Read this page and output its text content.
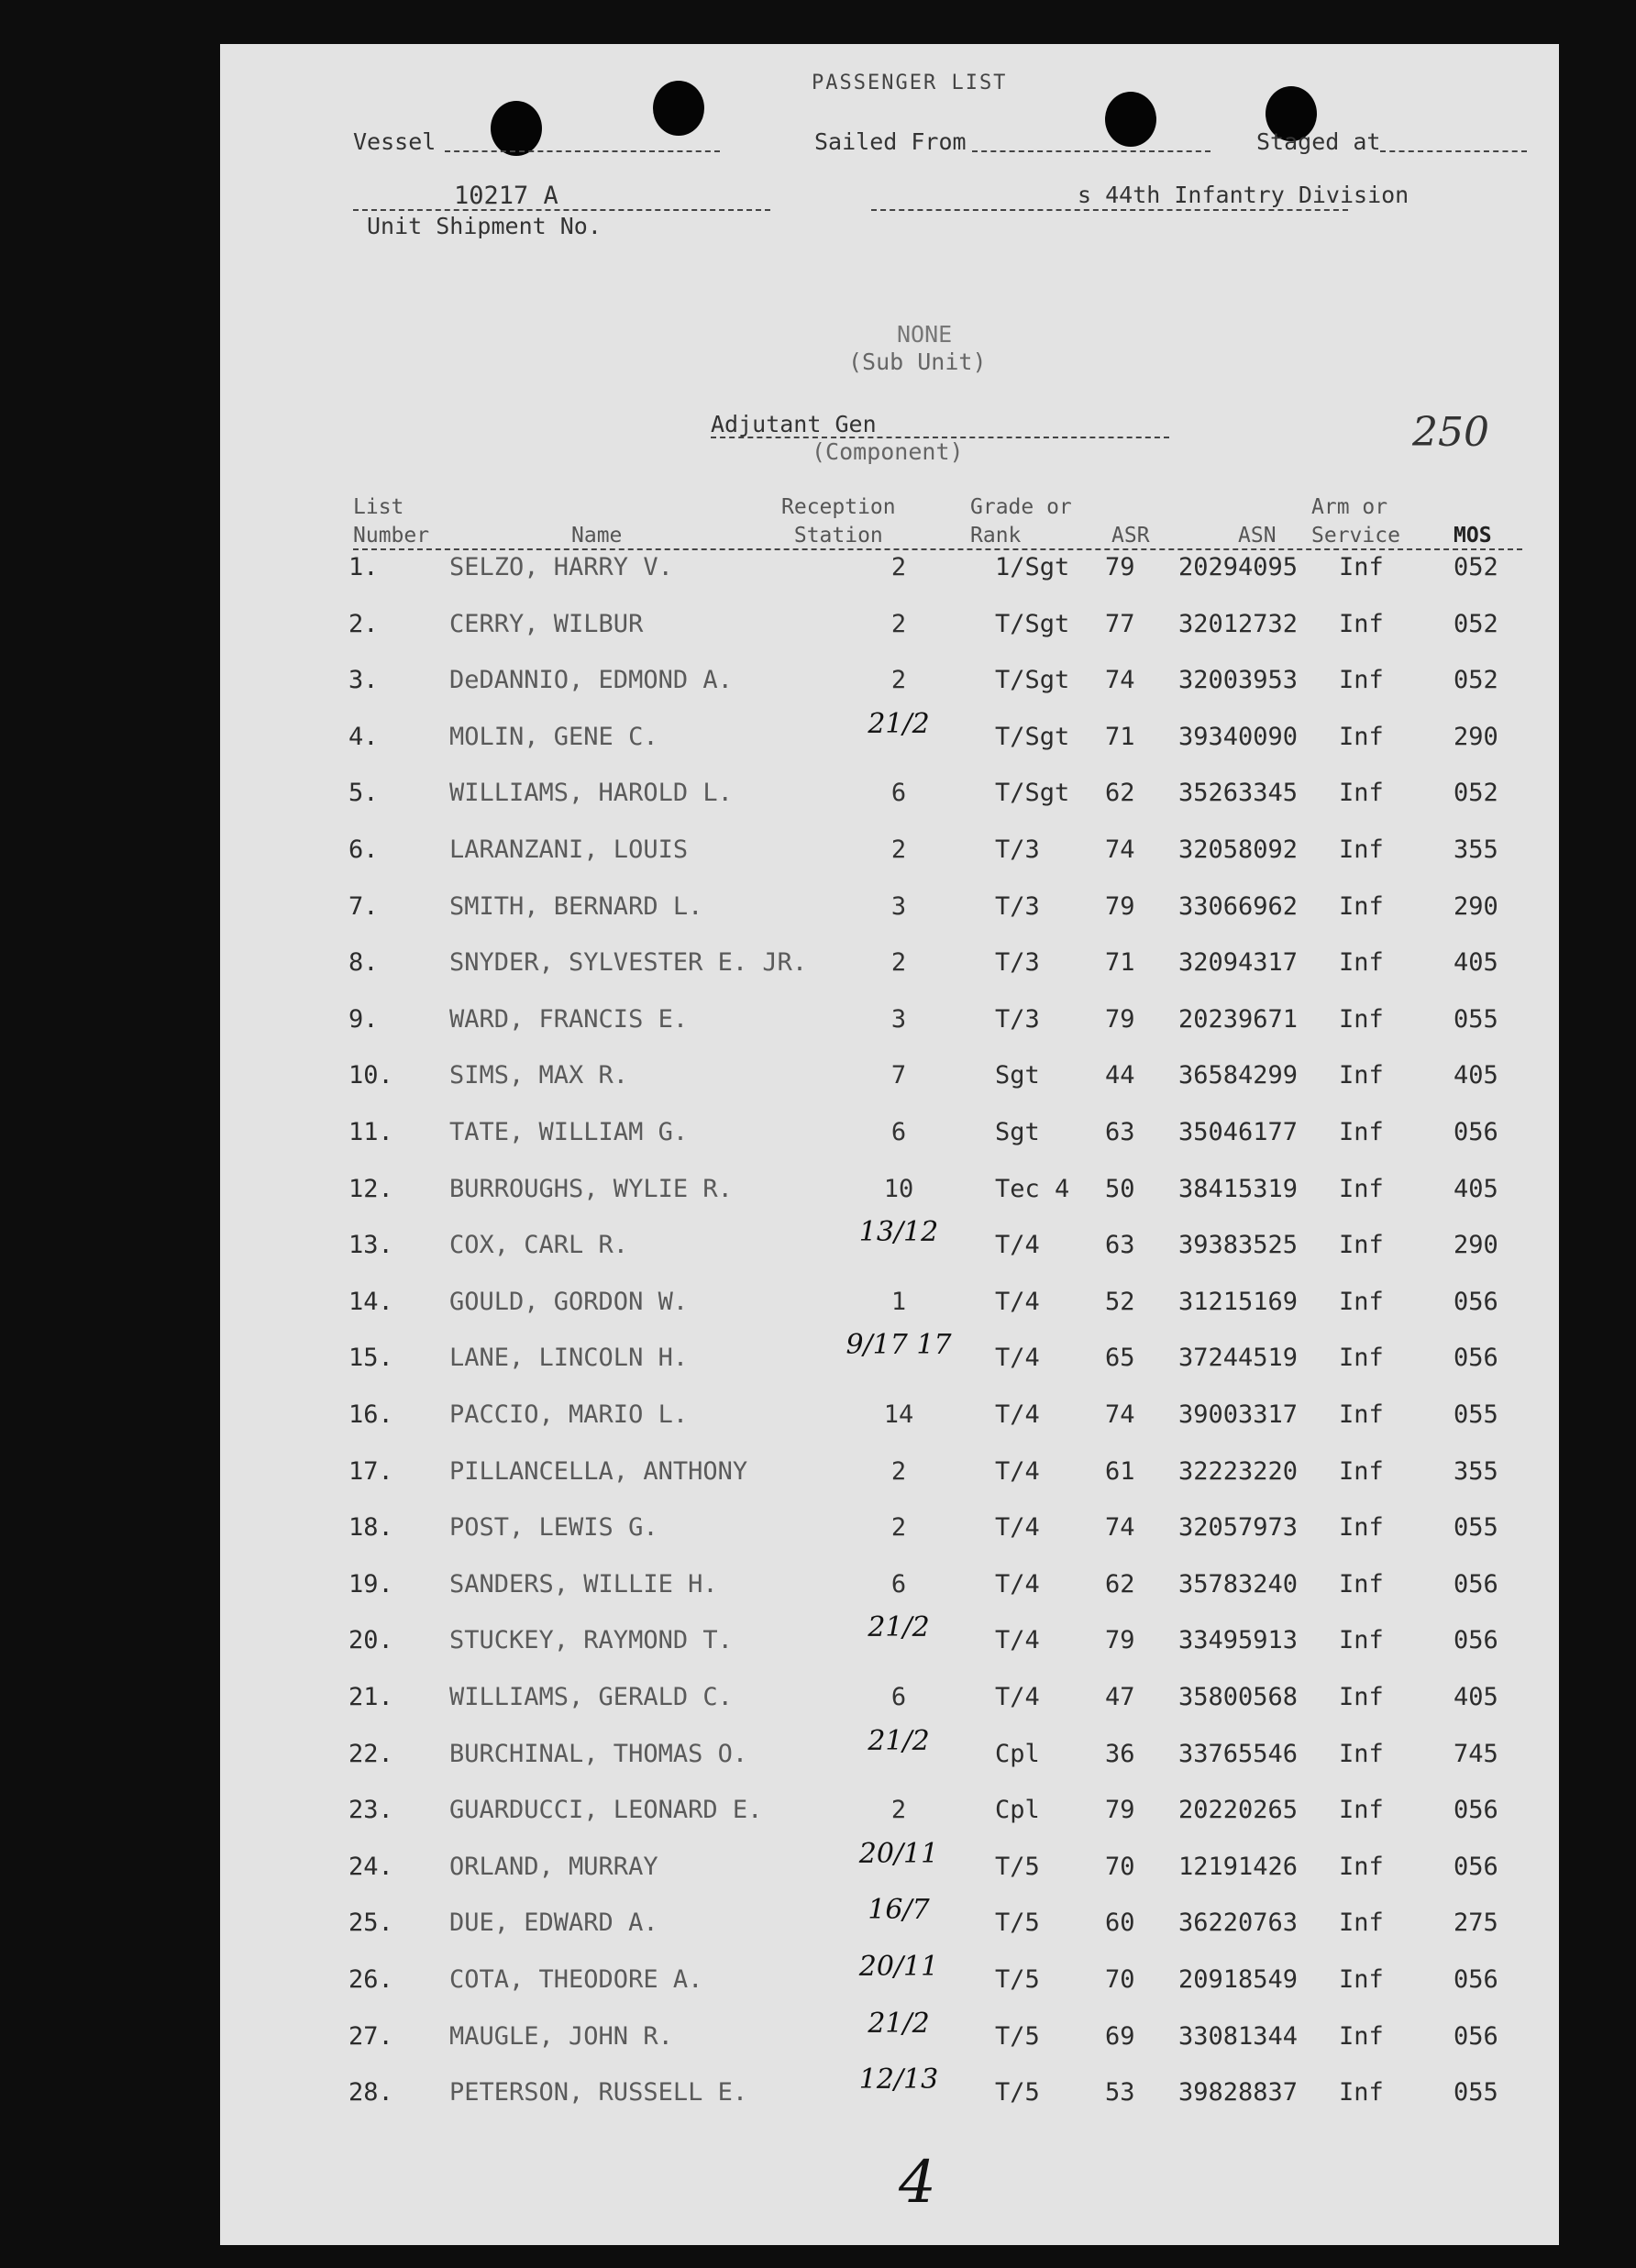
PASSENGER LIST
Vessel	Sailed From	Staged at
10217 A
Unit Shipment No.
s 44th Infantry Division
NONE
(Sub Unit)
Adjutant Gen
(Component)	250
List
Number	Name
Reception
Station
Grade or
Rank	ASR	ASN
Arm or
Service	MOS
1.	SELZO, HARRY V.	2	1/Sgt 79 20294095 Inf	052
2.	CERRY, WILBUR	2	T/Sgt 77 32012732 Inf	052
3.	DeDANNIO, EDMOND A.	2	T/Sgt 74 32003953 Inf	052
4.	MOLIN, GENE C.	21/2	T/Sgt 71 39340090 Inf	290
5.	WILLIAMS, HAROLD L.	6	T/Sgt 62 35263345 Inf	052
6.	LARANZANI, LOUIS	2	T/3	74 32058092 Inf	355
7.	SMITH, BERNARD L.	3	T/3	79 33066962 Inf	290
8.	SNYDER, SYLVESTER E. JR.	2	T/3	71 32094317 Inf	405
9.	WARD, FRANCIS E.	3	T/3	79 20239671 Inf	055
10. SIMS, MAX R.	7	Sgt	44 36584299 Inf	405
11. TATE, WILLIAM G.	6	Sgt	63 35046177 Inf	056
12. BURROUGHS, WYLIE R.	10	Tec 4 50 38415319 Inf	405
13. COX, CARL R.	13/12	T/4	63 39383525 Inf	290
14. GOULD, GORDON W.	1	T/4	52 31215169 Inf	056
15. LANE, LINCOLN H.	9/17 17 T/4	65 37244519 Inf	056
16. PACCIO, MARIO L.	14	T/4	74 39003317 Inf	055
17. PILLANCELLA, ANTHONY	2	T/4	61 32223220 Inf	355
18. POST, LEWIS G.	2	T/4	74 32057973 Inf	055
19. SANDERS, WILLIE H.	6	T/4	62 35783240 Inf	056
20. STUCKEY, RAYMOND T.	21/2	T/4	79 33495913 Inf	056
21. WILLIAMS, GERALD C.	6	T/4	47 35800568 Inf	405
22. BURCHINAL, THOMAS O.	21/2	Cpl	36 33765546 Inf	745
23. GUARDUCCI, LEONARD E.	2	Cpl	79 20220265 Inf	056
24. ORLAND, MURRAY	20/11	T/5	70 12191426 Inf	056
25. DUE, EDWARD A.	16/7	T/5	60 36220763 Inf	275
26. COTA, THEODORE A.	20/11	T/5	70 20918549 Inf	056
27. MAUGLE, JOHN R.	21/2	T/5	69 33081344 Inf	056
28. PETERSON, RUSSELL E.	12/13	T/5	53 39828837 Inf	055
4
